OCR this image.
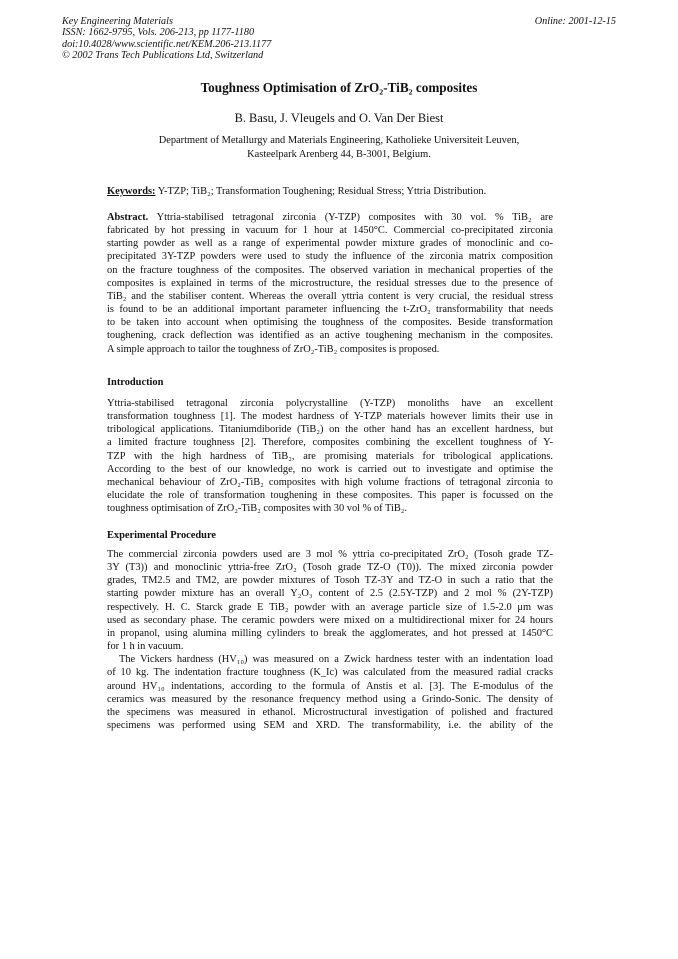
Key Engineering Materials
ISSN: 1662-9795, Vols. 206-213, pp 1177-1180
doi:10.4028/www.scientific.net/KEM.206-213.1177
© 2002 Trans Tech Publications Ltd, Switzerland
Online: 2001-12-15
Toughness Optimisation of ZrO₂-TiB₂ composites
B. Basu, J. Vleugels and O. Van Der Biest
Department of Metallurgy and Materials Engineering, Katholieke Universiteit Leuven,
Kasteelpark Arenberg 44, B-3001, Belgium.
Keywords: Y-TZP; TiB₂; Transformation Toughening; Residual Stress; Yttria Distribution.
Abstract. Yttria-stabilised tetragonal zirconia (Y-TZP) composites with 30 vol. % TiB₂ are
fabricated by hot pressing in vacuum for 1 hour at 1450°C. Commercial co-precipitated zirconia
starting powder as well as a range of experimental powder mixture grades of monoclinic and co-
precipitated 3Y-TZP powders were used to study the influence of the zirconia matrix composition
on the fracture toughness of the composites. The observed variation in mechanical properties of the
composites is explained in terms of the microstructure, the residual stresses due to the presence of
TiB₂ and the stabiliser content. Whereas the overall yttria content is very crucial, the residual stress
is found to be an additional important parameter influencing the t-ZrO₂ transformability that needs
to be taken into account when optimising the toughness of the composites. Beside transformation
toughening, crack deflection was identified as an active toughening mechanism in the composites.
A simple approach to tailor the toughness of ZrO₂-TiB₂ composites is proposed.
Introduction
Yttria-stabilised tetragonal zirconia polycrystalline (Y-TZP) monoliths have an excellent
transformation toughness [1]. The modest hardness of Y-TZP materials however limits their use in
tribological applications. Titaniumdiboride (TiB₂) on the other hand has an excellent hardness, but
a limited fracture toughness [2]. Therefore, composites combining the excellent toughness of Y-
TZP with the high hardness of TiB₂, are promising materials for tribological applications.
According to the best of our knowledge, no work is carried out to investigate and optimise the
mechanical behaviour of ZrO₂-TiB₂ composites with high volume fractions of tetragonal zirconia to
elucidate the role of transformation toughening in these composites. This paper is focussed on the
toughness optimisation of ZrO₂-TiB₂ composites with 30 vol % of TiB₂.
Experimental Procedure
The commercial zirconia powders used are 3 mol % yttria co-precipitated ZrO₂ (Tosoh grade TZ-
3Y (T3)) and monoclinic yttria-free ZrO₂ (Tosoh grade TZ-O (T0)). The mixed zirconia powder
grades, TM2.5 and TM2, are powder mixtures of Tosoh TZ-3Y and TZ-O in such a ratio that the
starting powder mixture has an overall Y₂O₃ content of 2.5 (2.5Y-TZP) and 2 mol % (2Y-TZP)
respectively. H. C. Starck grade E TiB₂ powder with an average particle size of 1.5-2.0 μm was
used as secondary phase. The ceramic powders were mixed on a multidirectional mixer for 24 hours
in propanol, using alumina milling cylinders to break the agglomerates, and hot pressed at 1450°C
for 1 h in vacuum.
The Vickers hardness (HV₁₀) was measured on a Zwick hardness tester with an indentation load
of 10 kg. The indentation fracture toughness (K_Ic) was calculated from the measured radial cracks
around HV₁₀ indentations, according to the formula of Anstis et al. [3]. The E-modulus of the
ceramics was measured by the resonance frequency method using a Grindo-Sonic. The density of
the specimens was measured in ethanol. Microstructural investigation of polished and fractured
specimens was performed using SEM and XRD. The transformability, i.e. the ability of the
